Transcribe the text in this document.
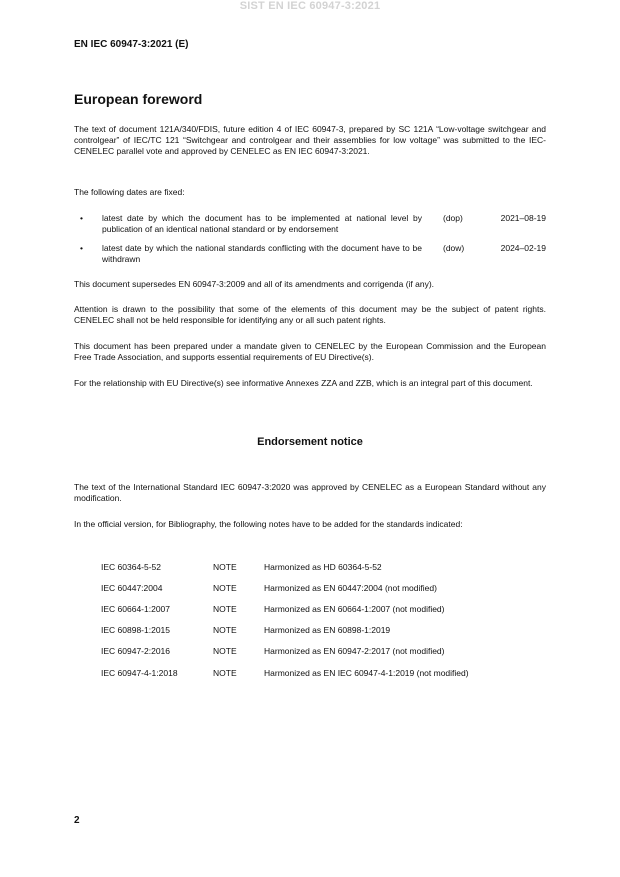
SIST EN IEC 60947-3:2021
EN IEC 60947-3:2021 (E)
European foreword

The text of document 121A/340/FDIS, future edition 4 of IEC 60947-3, prepared by SC 121A “Low-voltage switchgear and controlgear” of IEC/TC 121 “Switchgear and controlgear and their assemblies for low voltage” was submitted to the IEC-CENELEC parallel vote and approved by CENELEC as EN IEC 60947-3:2021.

The following dates are fixed:

• latest date by which the document has to be implemented at national level by publication of an identical national standard or by endorsement
(dop)	2021–08-19
• latest date by which the national standards conflicting with the document have to be withdrawn
(dow)	2024–02-19

This document supersedes EN 60947-3:2009 and all of its amendments and corrigenda (if any).

Attention is drawn to the possibility that some of the elements of this document may be the subject of patent rights. CENELEC shall not be held responsible for identifying any or all such patent rights.

This document has been prepared under a mandate given to CENELEC by the European Commission and the European Free Trade Association, and supports essential requirements of EU Directive(s).

For the relationship with EU Directive(s) see informative Annexes ZZA and ZZB, which is an integral part of this document.

Endorsement notice

The text of the International Standard IEC 60947-3:2020 was approved by CENELEC as a European Standard without any modification.

In the official version, for Bibliography, the following notes have to be added for the standards indicated:

IEC 60364-5-52	NOTE	Harmonized as HD 60364-5-52
IEC 60447:2004	NOTE	Harmonized as EN 60447:2004 (not modified)
IEC 60664-1:2007	NOTE	Harmonized as EN 60664-1:2007 (not modified)
IEC 60898-1:2015	NOTE	Harmonized as EN 60898-1:2019
IEC 60947-2:2016	NOTE	Harmonized as EN 60947-2:2017 (not modified)
IEC 60947-4-1:2018	NOTE	Harmonized as EN IEC 60947-4-1:2019 (not modified)
2
